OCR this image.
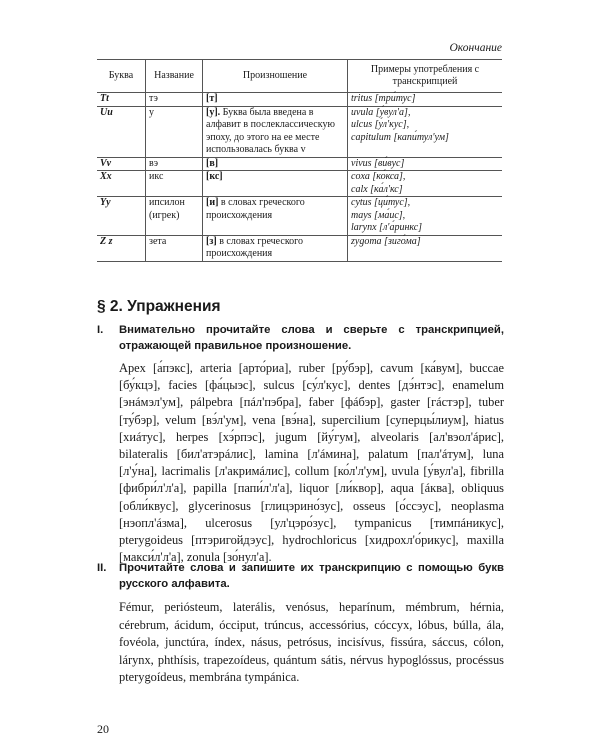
Окончание
Буква	Название	Произношение	Примеры употребления с транскрипцией
Tt	тэ	[т]	tritus [три́тус]

Uu	у	[у]. Буква была введена в алфавит в послеклассическую эпоху, до этого на ее месте использовалась буква v	uvula [у́вул'а],
ulcus [у́л'кус],
capitulum [капи́тул'ум]

Vv	вэ	[в]	vivus [ви́вус]

Xx	икс	[кс]	coxa [ко́кса],
calx [ка́л'кс]

Yy	ипсилон (игрек)	[и] в словах греческого происхождения	cytus [ци́тус],
mays [ма́ис],
larynx [л'а́ринкс]

Z z	зета	[з] в словах греческого происхождения	zygoma [зиго́ма]
§ 2. Упражнения

I. Внимательно прочитайте слова и сверьте с транскрипцией, отражающей правильное произношение.

Apex [а́пэкс], arteria [арто́риа], ruber [ру́бэр], cavum [ка́вум], buccae [бу́кцэ], facies [фа́цыэс], sulcus [су́л'кус], dentes [дэ́нтэс], enamelum [энáмэл'ум], pálpebra [пáл'пэбра], faber [фáбэр], gaster [гáстэр], tuber [ту́бэр], velum [вэ́л'ум], vena [вэ́на], supercilium [суперцы́лиум], hiatus [хиáтус], herpes [хэ́рпэс], jugum [йу́гум], alveolaris [ал'вэол'áрис], bilateralis [бил'атэрáлис], lamina [л'áмина], palatum [пал'áтум], luna [л'у́на], lacrimalis [л'акримáлис], collum [ко́л'л'ум], uvula [у́вул'а], fibrilla [фибри́л'л'а], papilla [папи́л'л'а], liquor [ли́квор], aqua [áква], obliquus [обли́квус], glycerinosus [глицэрино́зус], osseus [о́ссэус], neoplasma [нэопл'áзма], ulcerosus [ул'цэро́зус], tympanicus [тимпáникус], pterygoideus [птэригойдэус], hydrochloricus [хидрохл'о́рикус], maxilla [макси́л'л'а], zonula [зо́нул'а].

II. Прочитайте слова и запишите их транскрипцию с помощью букв русского алфавита.

Fémur, perióstеum, laterális, venósus, heparínum, mémbrum, hérnia, cérebrum, ácidum, ócciput, trúncus, accessórius, cóccyx, lóbus, búlla, ála, fovéola, junctúra, índex, násus, petrósus, incisívus, fissúra, sáccus, cólon, lárynx, phthísis, trapezoídeus, quántum sátis, nérvus hypoglóssus, procéssus pterygoídeus, membrána tympánica.

20
